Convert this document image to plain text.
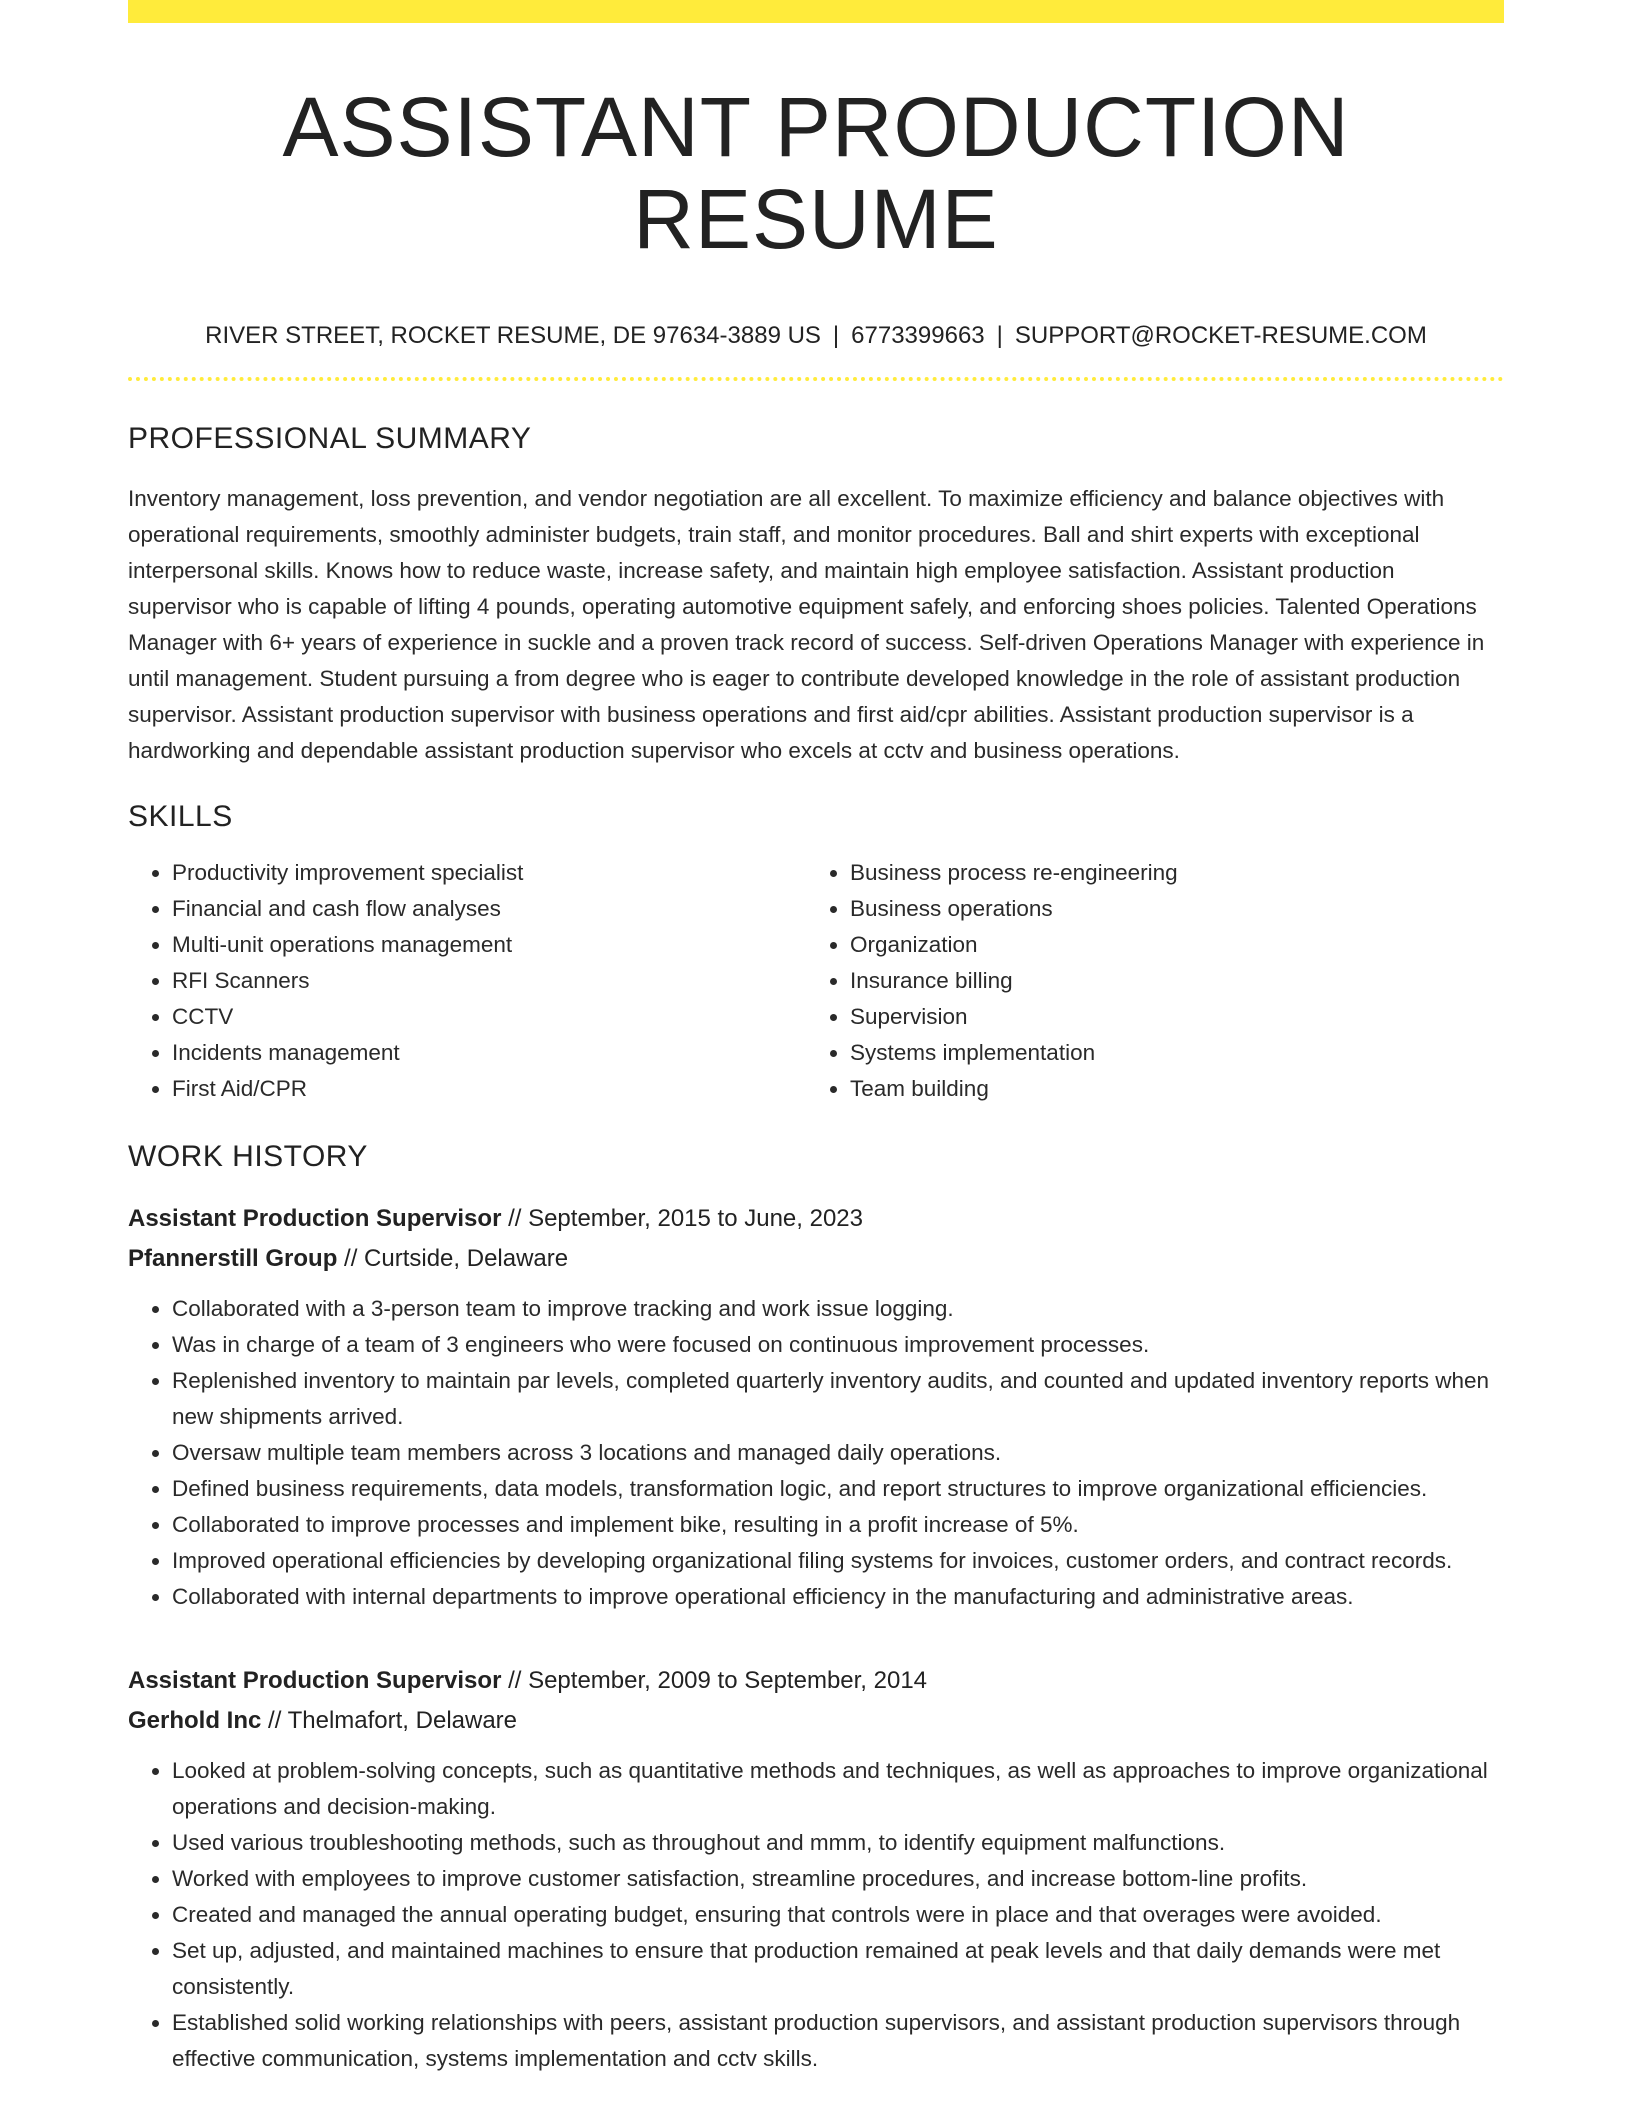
ASSISTANT PRODUCTION RESUME
RIVER STREET, ROCKET RESUME, DE 97634-3889 US | 6773399663 | SUPPORT@ROCKET-RESUME.COM
PROFESSIONAL SUMMARY
Inventory management, loss prevention, and vendor negotiation are all excellent. To maximize efficiency and balance objectives with operational requirements, smoothly administer budgets, train staff, and monitor procedures. Ball and shirt experts with exceptional interpersonal skills. Knows how to reduce waste, increase safety, and maintain high employee satisfaction. Assistant production supervisor who is capable of lifting 4 pounds, operating automotive equipment safely, and enforcing shoes policies. Talented Operations Manager with 6+ years of experience in suckle and a proven track record of success. Self-driven Operations Manager with experience in until management. Student pursuing a from degree who is eager to contribute developed knowledge in the role of assistant production supervisor. Assistant production supervisor with business operations and first aid/cpr abilities. Assistant production supervisor is a hardworking and dependable assistant production supervisor who excels at cctv and business operations.
SKILLS
• Productivity improvement specialist
• Financial and cash flow analyses
• Multi-unit operations management
• RFI Scanners
• CCTV
• Incidents management
• First Aid/CPR
• Business process re-engineering
• Business operations
• Organization
• Insurance billing
• Supervision
• Systems implementation
• Team building
WORK HISTORY
Assistant Production Supervisor // September, 2015 to June, 2023
Pfannerstill Group // Curtside, Delaware
• Collaborated with a 3-person team to improve tracking and work issue logging.
• Was in charge of a team of 3 engineers who were focused on continuous improvement processes.
• Replenished inventory to maintain par levels, completed quarterly inventory audits, and counted and updated inventory reports when new shipments arrived.
• Oversaw multiple team members across 3 locations and managed daily operations.
• Defined business requirements, data models, transformation logic, and report structures to improve organizational efficiencies.
• Collaborated to improve processes and implement bike, resulting in a profit increase of 5%.
• Improved operational efficiencies by developing organizational filing systems for invoices, customer orders, and contract records.
• Collaborated with internal departments to improve operational efficiency in the manufacturing and administrative areas.
Assistant Production Supervisor // September, 2009 to September, 2014
Gerhold Inc // Thelmafort, Delaware
• Looked at problem-solving concepts, such as quantitative methods and techniques, as well as approaches to improve organizational operations and decision-making.
• Used various troubleshooting methods, such as throughout and mmm, to identify equipment malfunctions.
• Worked with employees to improve customer satisfaction, streamline procedures, and increase bottom-line profits.
• Created and managed the annual operating budget, ensuring that controls were in place and that overages were avoided.
• Set up, adjusted, and maintained machines to ensure that production remained at peak levels and that daily demands were met consistently.
• Established solid working relationships with peers, assistant production supervisors, and assistant production supervisors through effective communication, systems implementation and cctv skills.
